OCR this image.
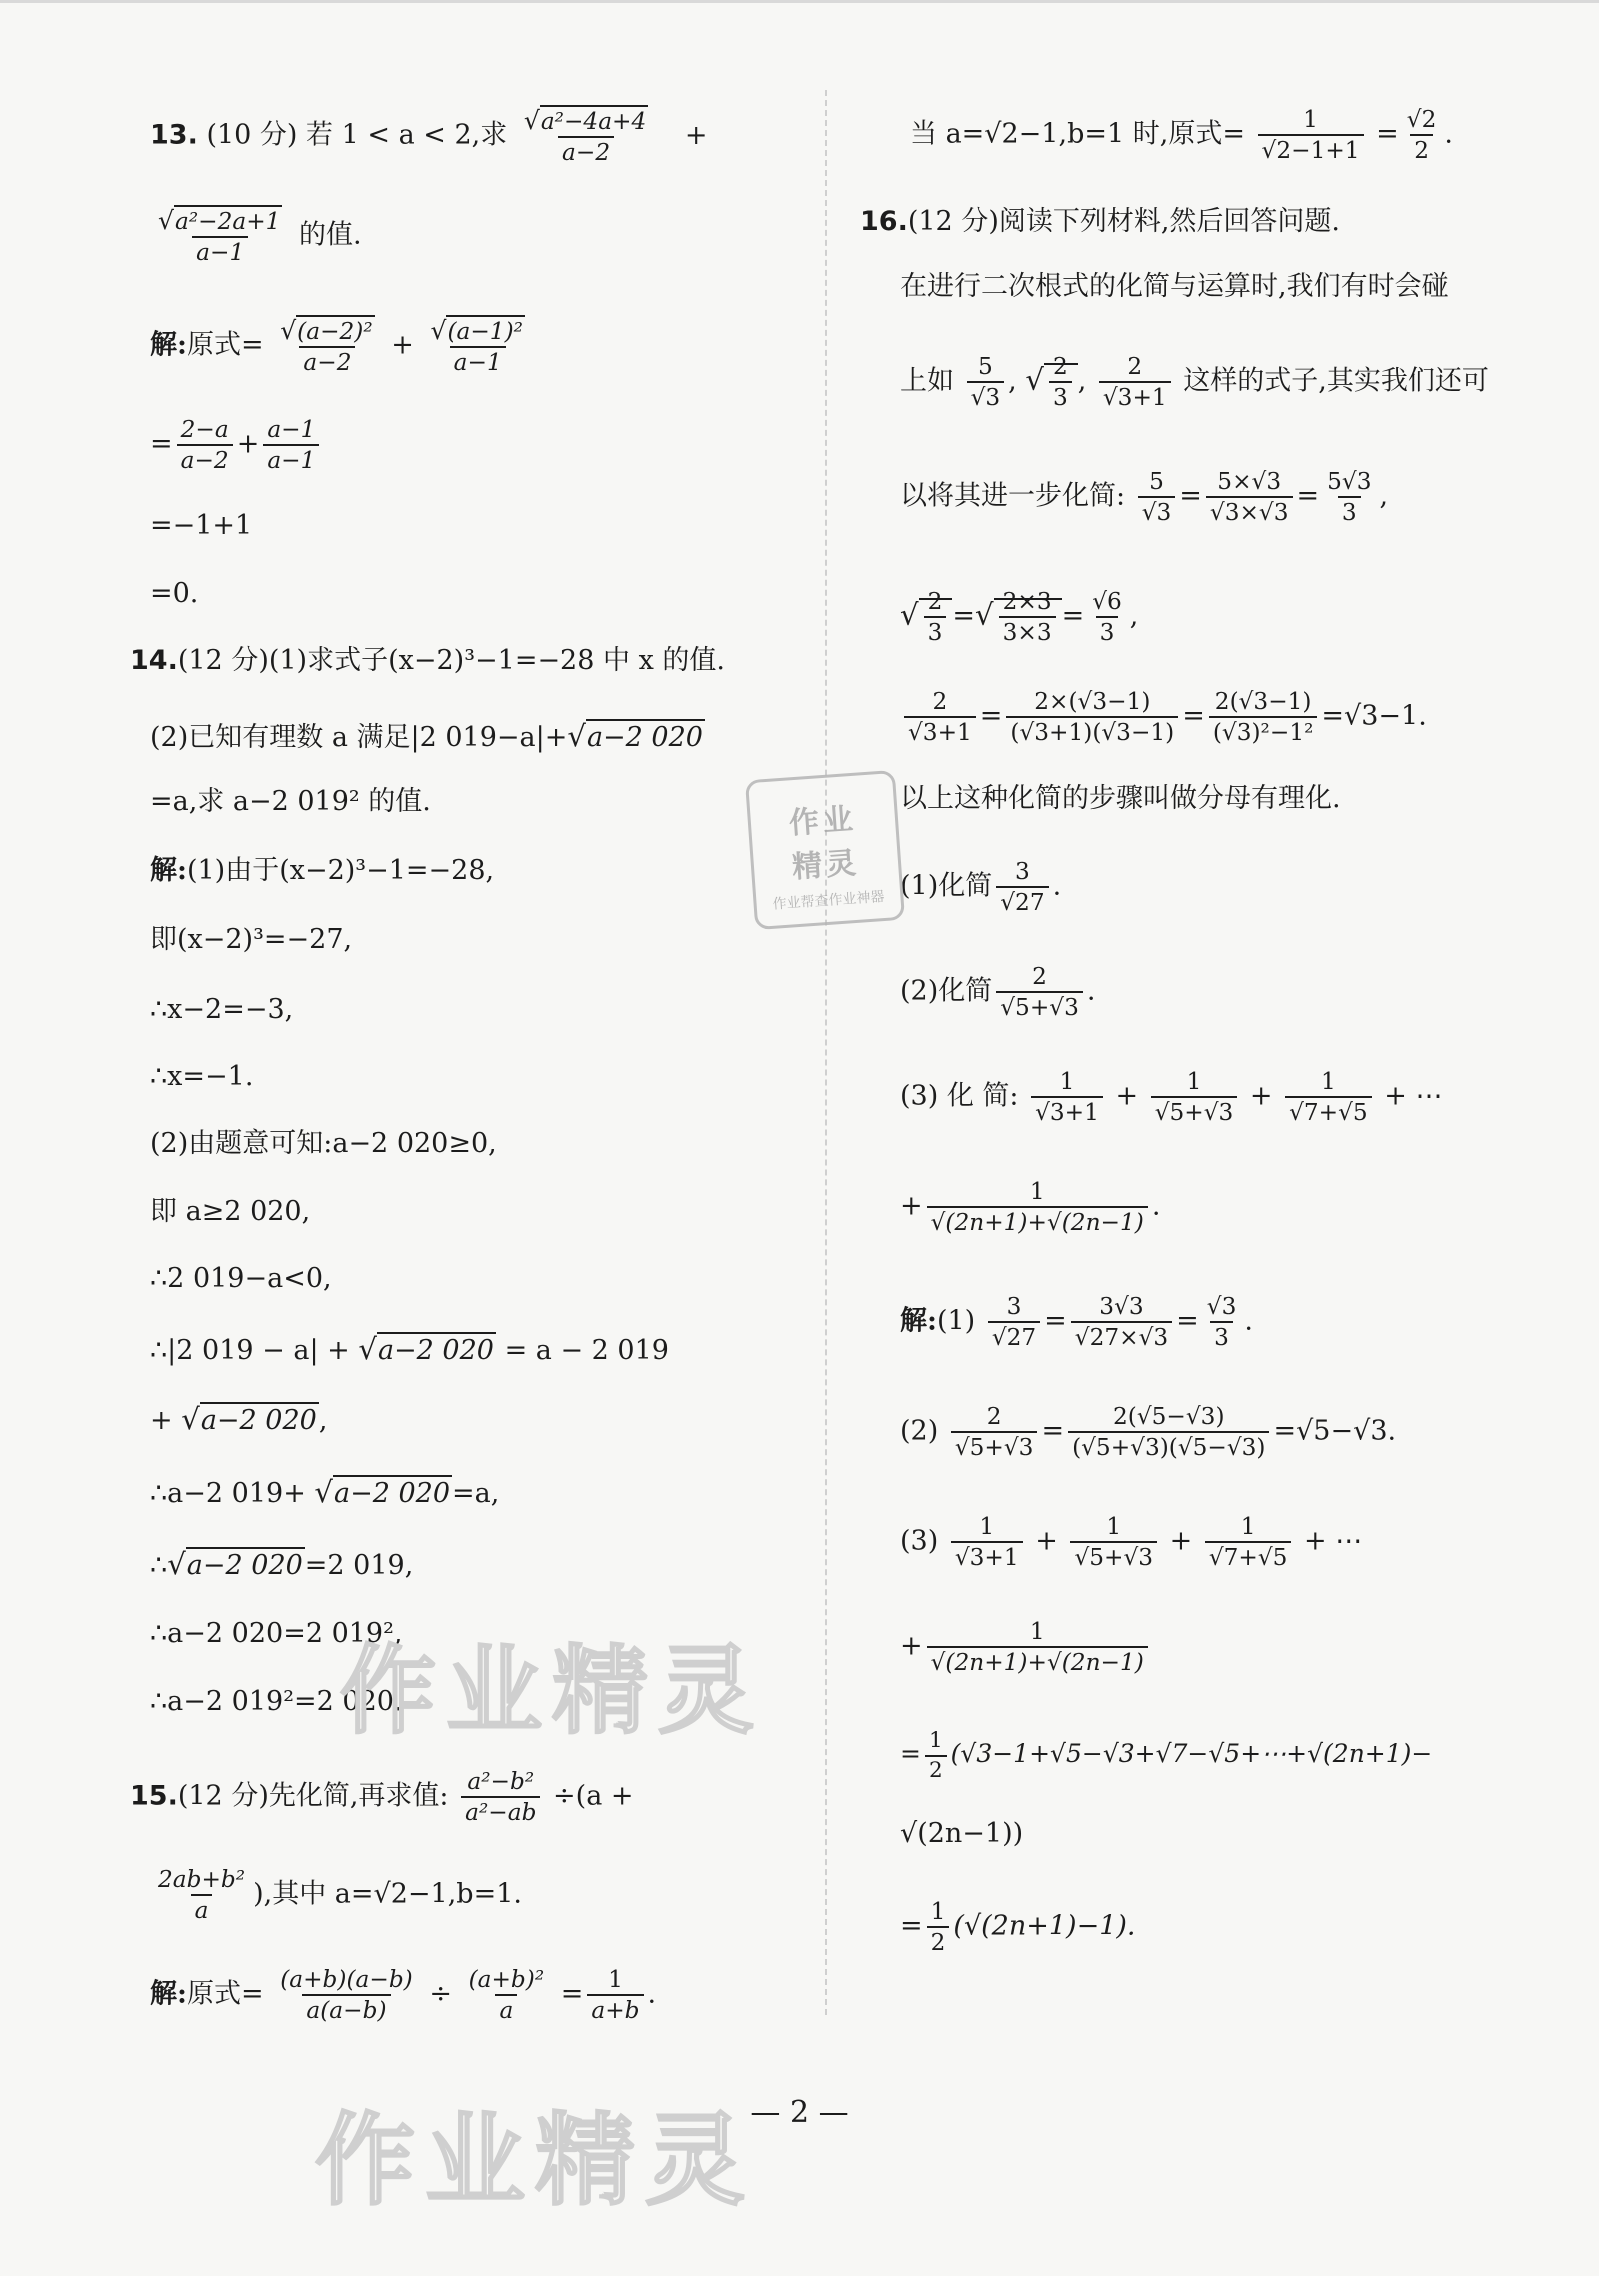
13. (10 分) 若 1 < a < 2,求 $\frac{\text{√a²−4a+4}}{a-2}$ +
$\frac{\text{√a²−2a+1}}{a-1}$ 的值.
解:原式= $\frac{\text{√(a−2)²}}{a-2} + \frac{\text{√(a−1)²}}{a-1}$
= $\frac{2-a}{a-2} + \frac{a-1}{a-1}$
=−1+1
=0.
14.(12 分)(1)求式子(x−2)³−1=−28 中 x 的值.
(2)已知有理数 a 满足|2 019−a|+√a−2 020
=a,求 a−2 019² 的值.
解:(1)由于(x−2)³−1=−28,
即(x−2)³=−27,
∴x−2=−3,
∴x=−1.
(2)由题意可知:a−2 020≥0,
即 a≥2 020,
∴2 019−a<0,
∴|2 019 − a| + √a−2 020 = a − 2 019
+ √a−2 020,
∴a−2 019+ √a−2 020=a,
∴√a−2 020=2 019,
∴a−2 020=2 019²,
∴a−2 019²=2 020.
15.(12 分)先化简,再求值: $\frac{\text{a²−b²}}{\text{a²−ab}} \div(a$ +
$\frac{\text{2ab+b²}}{a}$ ),其中 a=√2−1,b=1.
解:原式= $\frac{(a+b)(a-b)}{a(a-b)} \div \frac{\text{(a+b)²}}{a} = \frac{1}{a+b}$ .
当 a=√2−1,b=1 时,原式= $\frac{1}{√2-1+1} = \frac{√2}{2}$ .
16.(12 分)阅读下列材料,然后回答问题.
在进行二次根式的化简与运算时,我们有时会碰
上如 $\frac{5}{√3}$ , √ $\frac{2}{3}$ , $\frac{2}{√3+1}$ 这样的式子,其实我们还可
以将其进一步化简: $\frac{5}{√3} = \frac{5\times√3}{√3\times√3} = \frac{5√3}{3}$ ,
√ $\frac{2}{3}$ =√ $\frac{2\times 3}{3\times 3} = \frac{√6}{3}$ ,
$\frac{2}{√3+1} = \frac{2\times(√3-1)}{(√3+1)(√3-1)} = \frac{2(√3-1)}{\text{(√3)²−1²}} =√3-1$.
以上这种化简的步骤叫做分母有理化.
(1)化简 $\frac{3}{√27}$ .
(2)化简 $\frac{2}{√5+√3}$ .
(3) 化 简: $\frac{1}{√3+1} + \frac{1}{√5+√3} + \frac{1}{√7+√5}$ + ⋯
+ $\frac{1}{√(2n+1)+√(2n-1)}$ .
解:(1) $\frac{3}{√27} = \frac{3√3}{√27\times√3} = \frac{√3}{3}$ .
$(2) \frac{2}{√5+√3} = \frac{2(√5-√3)}{(√5+√3)(√5-√3)} =√5-√3$.
$(3) \frac{1}{√3+1} + \frac{1}{√5+√3} + \frac{1}{√7+√5}$ + ⋯
+ $\frac{1}{√(2n+1)+√(2n-1)}$
= $\frac{1}{2}$ (√3−1+√5−√3+√7−√5+⋯+√(2n+1)−
√(2n−1))
= $\frac{1}{2} (√(2n+1)-1)$.
作业
精灵
作业帮查作业神器
作业精灵
作业精灵
— 2 —
